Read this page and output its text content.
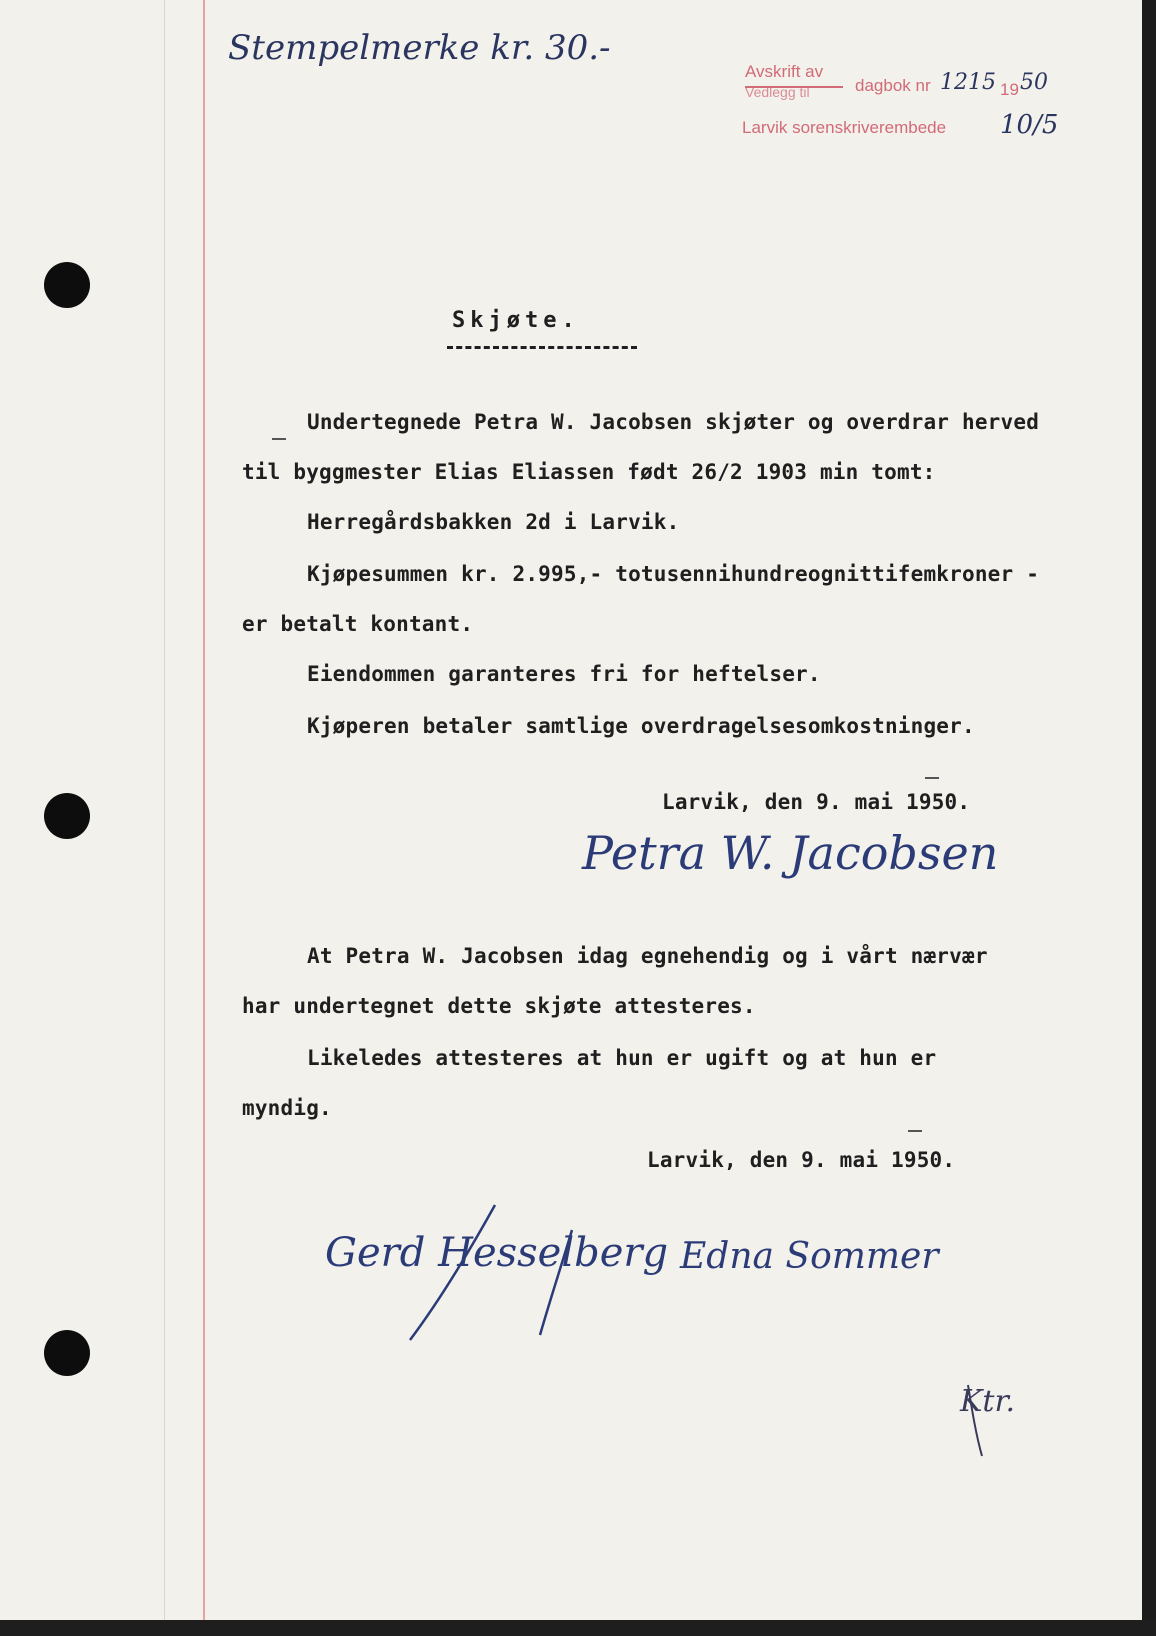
Stempelmerke kr. 30.-
Avskrift av
Vedlegg til	dagbok nr 1215 19 50
Larvik sorenskriverembede 10/5
Skjøte.
Undertegnede Petra W. Jacobsen skjøter og overdrar herved
til byggmester Elias Eliassen født 26/2 1903 min tomt:
Herregårdsbakken 2d i Larvik.
Kjøpesummen kr. 2.995,- totusennihundreognittifemkroner -
er betalt kontant.
Eiendommen garanteres fri for heftelser.
Kjøperen betaler samtlige overdragelsesomkostninger.
Larvik, den 9. mai 1950.
Petra W. Jacobsen
At Petra W. Jacobsen idag egnehendig og i vårt nærvær
har undertegnet dette skjøte attesteres.
Likeledes attesteres at hun er ugift og at hun er
myndig.
Larvik, den 9. mai 1950.
Gerd Hesselberg Edna Sommer
Ktr.
